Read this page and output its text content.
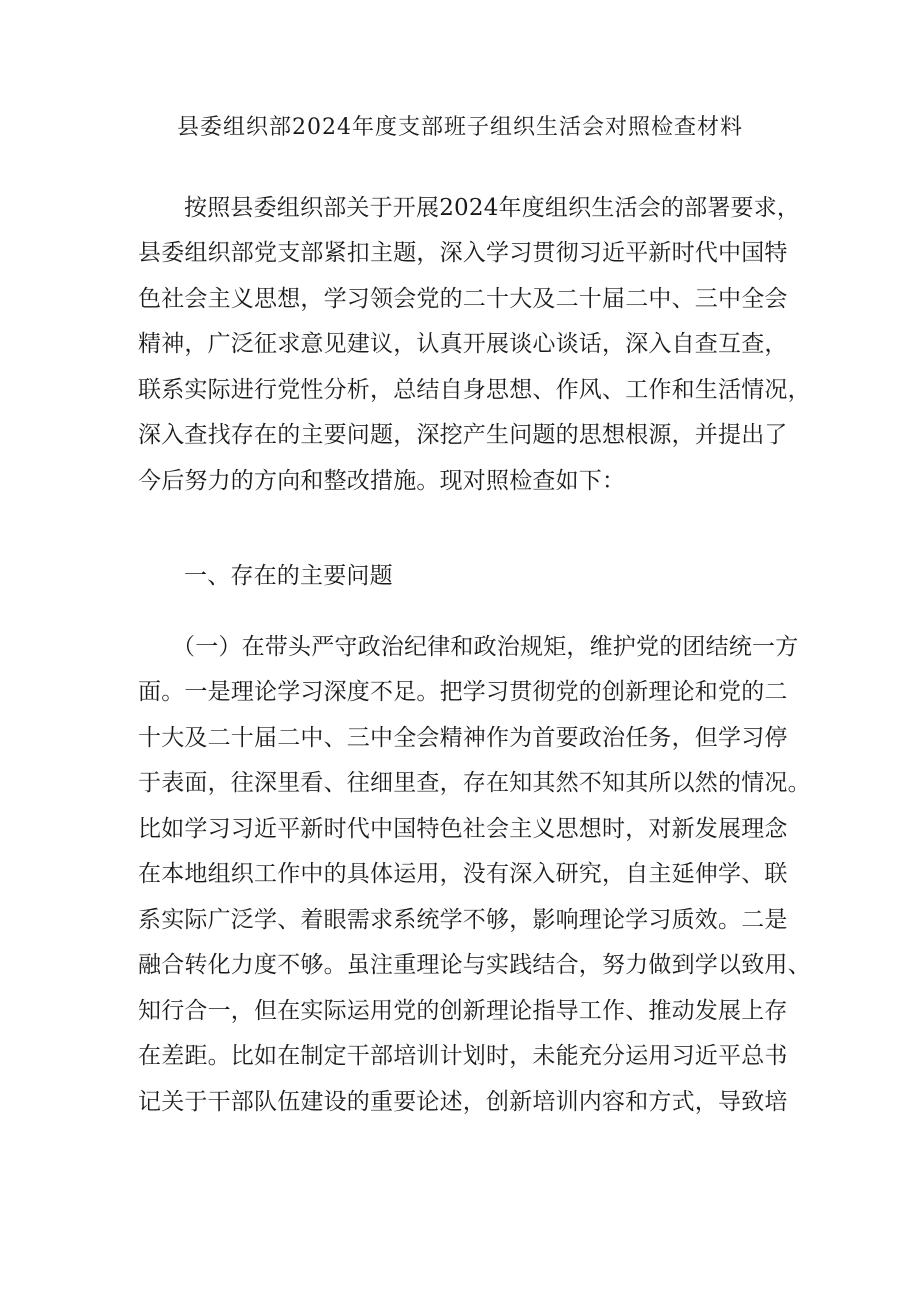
县委组织部2024年度支部班子组织生活会对照检查材料
按照县委组织部关于开展2024年度组织生活会的部署要求，
县委组织部党支部紧扣主题，深入学习贯彻习近平新时代中国特
色社会主义思想，学习领会党的二十大及二十届二中、三中全会
精神，广泛征求意见建议，认真开展谈心谈话，深入自查互查，
联系实际进行党性分析，总结自身思想、作风、工作和生活情况，
深入查找存在的主要问题，深挖产生问题的思想根源，并提出了
今后努力的方向和整改措施。现对照检查如下：
一、存在的主要问题
（一）在带头严守政治纪律和政治规矩，维护党的团结统一方
面。一是理论学习深度不足。把学习贯彻党的创新理论和党的二
十大及二十届二中、三中全会精神作为首要政治任务，但学习停
于表面，往深里看、往细里查，存在知其然不知其所以然的情况。
比如学习习近平新时代中国特色社会主义思想时，对新发展理念
在本地组织工作中的具体运用，没有深入研究，自主延伸学、联
系实际广泛学、着眼需求系统学不够，影响理论学习质效。二是
融合转化力度不够。虽注重理论与实践结合，努力做到学以致用、
知行合一，但在实际运用党的创新理论指导工作、推动发展上存
在差距。比如在制定干部培训计划时，未能充分运用习近平总书
记关于干部队伍建设的重要论述，创新培训内容和方式，导致培
